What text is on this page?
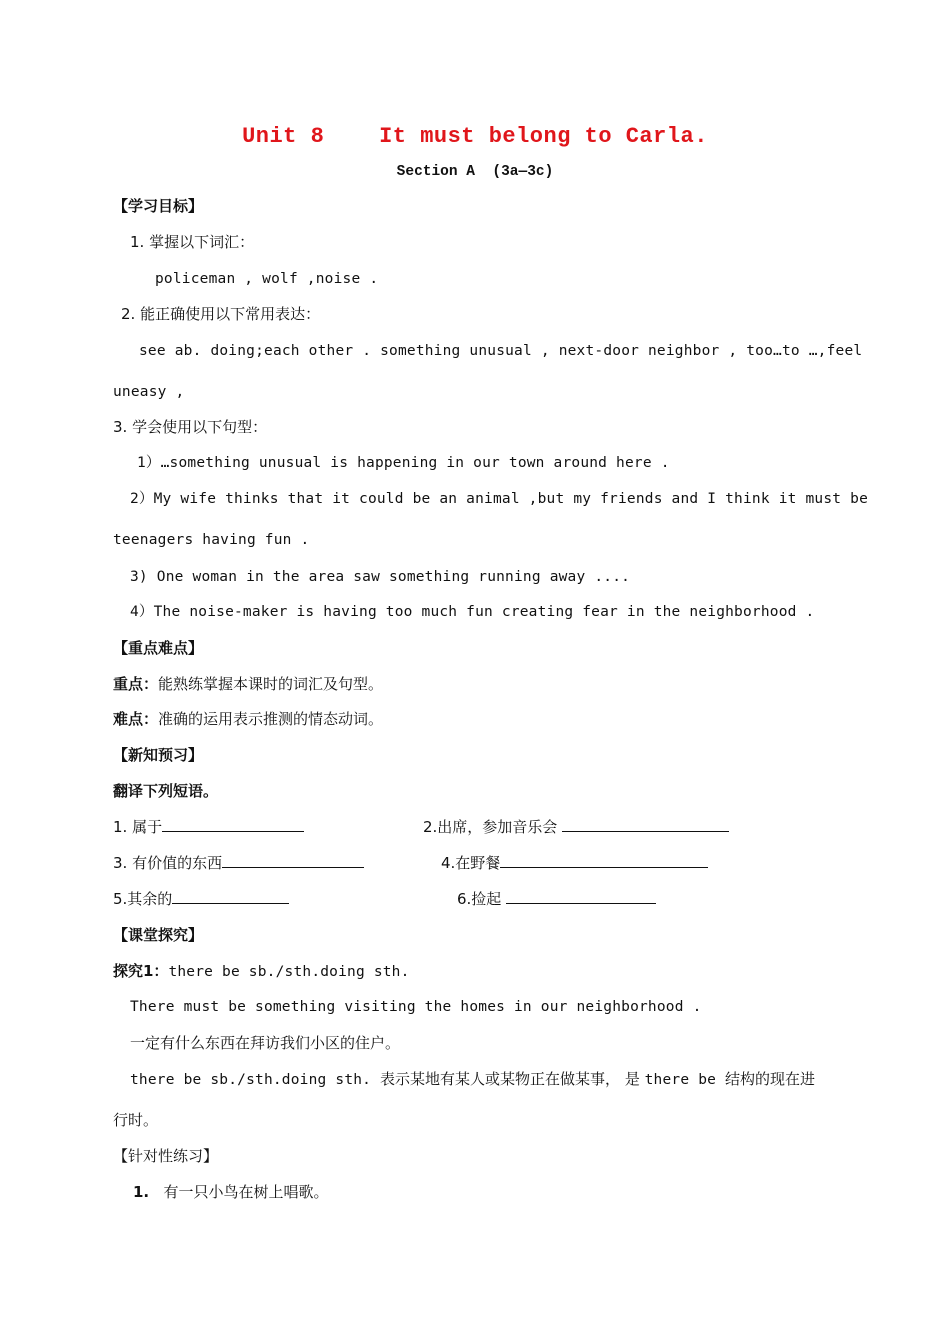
Unit 8    It must belong to Carla.
Section A  (3a—3c)
【学习目标】
1. 掌握以下词汇：
policeman , wolf ,noise .
2. 能正确使用以下常用表达：
see ab. doing;each other . something unusual , next-door neighbor , too…to …,feel
uneasy ,
3. 学会使用以下句型：
1）…something unusual is happening in our town around here .
2）My wife thinks that it could be an animal ,but my friends and I think it must be
teenagers having fun .
3) One woman in the area saw something running away ....
4）The noise-maker is having too much fun creating fear in the neighborhood .
【重点难点】
重点：能熟练掌握本课时的词汇及句型。
难点：准确的运用表示推测的情态动词。
【新知预习】
翻译下列短语。
1. 属于	2.出席，参加音乐会
3. 有价值的东西	4.在野餐
5.其余的	6.捡起
【课堂探究】
探究1：there be sb./sth.doing sth.
There must be something visiting the homes in our neighborhood .
一定有什么东西在拜访我们小区的住户。
there be sb./sth.doing sth. 表示某地有某人或某物正在做某事， 是 there be 结构的现在进
行时。
【针对性练习】
1. 有一只小鸟在树上唱歌。
